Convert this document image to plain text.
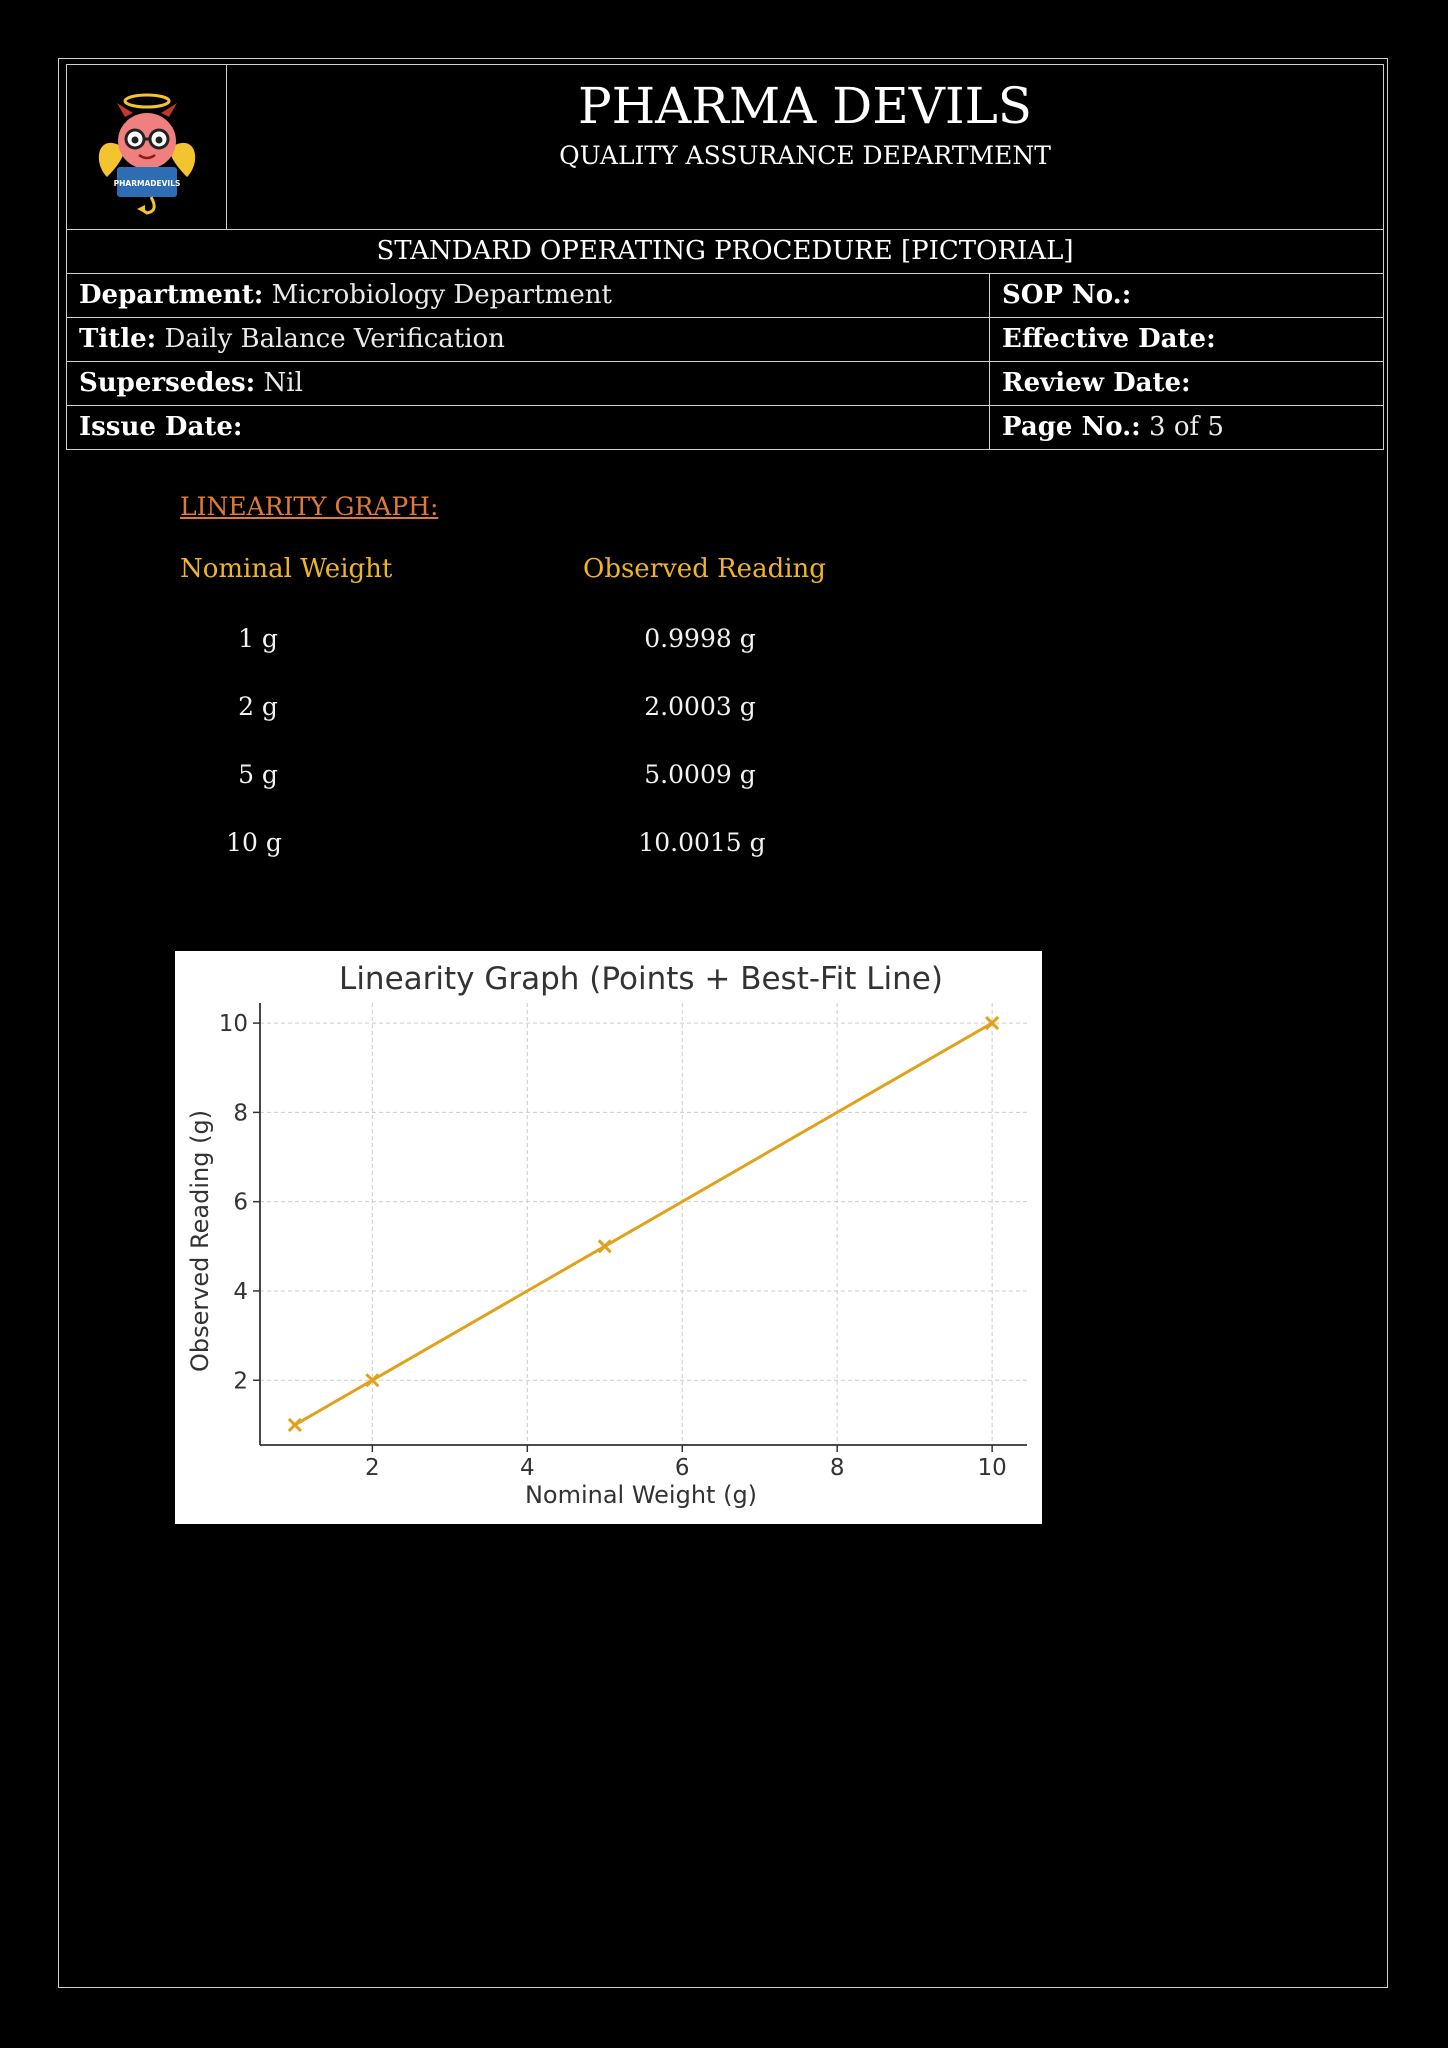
PHARMADEVILS
PHARMA DEVILS
QUALITY ASSURANCE DEPARTMENT
STANDARD OPERATING PROCEDURE [PICTORIAL]
Department: Microbiology Department	SOP No.:
Title: Daily Balance Verification	Effective Date:
Supersedes: Nil	Review Date:
Issue Date:	Page No.: 3 of 5
LINEARITY GRAPH:
Nominal Weight	Observed Reading
1 g	0.9998 g
2 g	2.0003 g
5 g	5.0009 g
10 g	10.0015 g
2	4	6	8	10
2
4
6
8
10
Linearity Graph (Points + Best-Fit Line)
Nominal Weight (g)
Observed Reading (g)
